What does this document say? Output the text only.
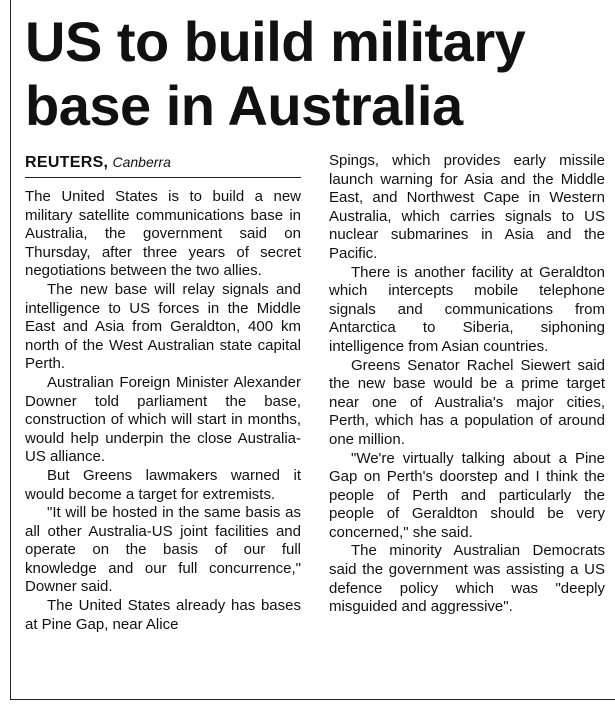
US to build military base in Australia
REUTERS, Canberra

The United States is to build a new military satellite communications base in Australia, the government said on Thursday, after three years of secret negotiations between the two allies.

The new base will relay signals and intelligence to US forces in the Middle East and Asia from Geraldton, 400 km north of the West Australian state capital Perth.

Australian Foreign Minister Alexander Downer told parliament the base, construction of which will start in months, would help underpin the close Australia-US alliance.

But Greens lawmakers warned it would become a target for extremists.

"It will be hosted in the same basis as all other Australia-US joint facilities and operate on the basis of our full knowledge and our full concurrence," Downer said.

The United States already has bases at Pine Gap, near Alice

Spings, which provides early missile launch warning for Asia and the Middle East, and Northwest Cape in Western Australia, which carries signals to US nuclear submarines in Asia and the Pacific.

There is another facility at Geraldton which intercepts mobile telephone signals and communications from Antarctica to Siberia, siphoning intelligence from Asian countries.

Greens Senator Rachel Siewert said the new base would be a prime target near one of Australia's major cities, Perth, which has a population of around one million.

"We're virtually talking about a Pine Gap on Perth's doorstep and I think the people of Perth and particularly the people of Geraldton should be very concerned," she said.

The minority Australian Democrats said the government was assisting a US defence policy which was "deeply misguided and aggressive".
